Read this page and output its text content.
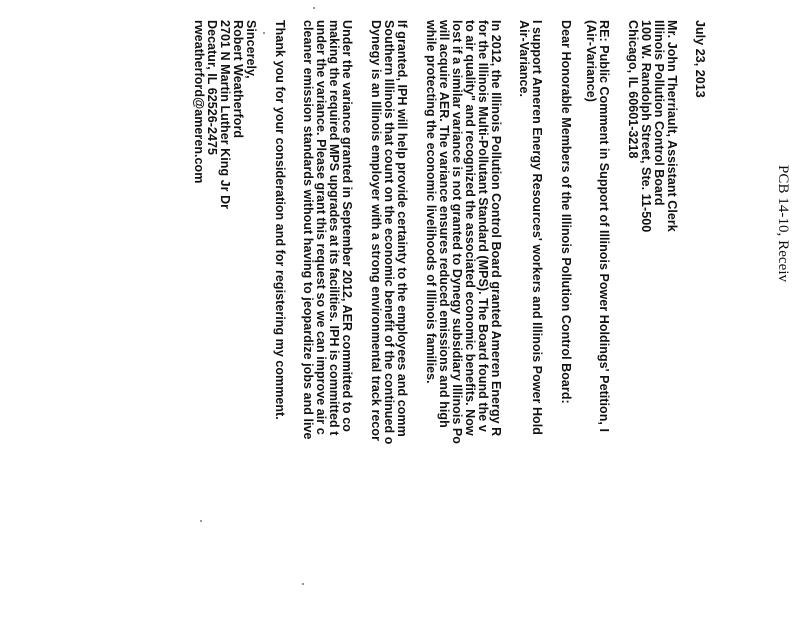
PCB 14-10, Receiv
July 23, 2013
Mr. John Therriault, Assistant Clerk
Illinois Pollution Control Board
100 W. Randolph Street, Ste. 11-500
Chicago, IL 60601-3218
RE: Public Comment in Support of Illinois Power Holdings' Petition, I
(Air-Variance)
Dear Honorable Members of the Illinois Pollution Control Board:
I support Ameren Energy Resources' workers and Illinois Power Hold
Air-Variance.
In 2012, the Illinois Pollution Control Board granted Ameren Energy R
for the Illinois Multi-Pollutant Standard (MPS). The Board found the v
to air quality" and recognized the associated economic benefits. Now
lost if a similar variance is not granted to Dynegy subsidiary Illinois Po
will acquire AER. The variance ensures reduced emissions and high
while protecting the economic livelihoods of Illinois families.
If granted, IPH will help provide certainty to the employees and comm
Southern Illinois that count on the economic benefit of the continued o
Dynegy is an Illinois employer with a strong environmental track recor
Under the variance granted in September 2012, AER committed to co
making the required MPS upgrades at its facilities. IPH is committed t
under the variance. Please grant this request so we can improve air c
cleaner emission standards without having to jeopardize jobs and live
Thank you for your consideration and for registering my comment.
Sincerely,
Robert Weatherford
2701 N Martin Luther King Jr Dr
Decatur, IL 62526-2475
rweatherford@ameren.com
